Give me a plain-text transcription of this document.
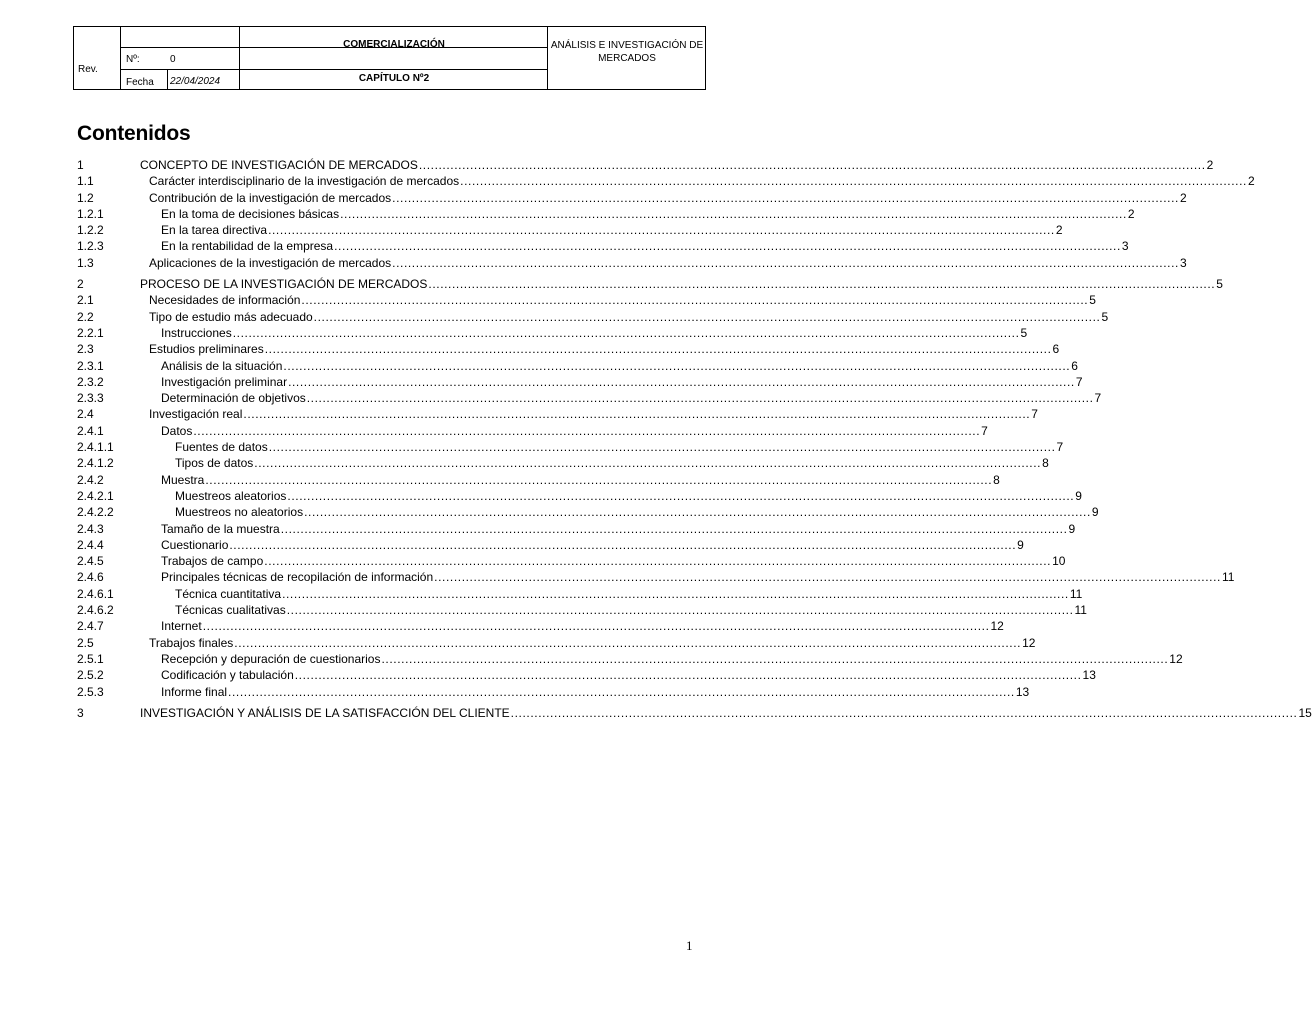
Rev.
Nº:	0
Fecha 22/04/2024
COMERCIALIZACIÓN
CAPÍTULO Nº2
ANÁLISIS E INVESTIGACIÓN DE MERCADOS
Contenidos
1	CONCEPTO DE INVESTIGACIÓN DE MERCADOS ........................................................................................................................................................................................................ 2
1.1	Carácter interdisciplinario de la investigación de mercados ........................................................................................................................................................................................................ 2
1.2	Contribución de la investigación de mercados ........................................................................................................................................................................................................ 2
1.2.1	En la toma de decisiones básicas ........................................................................................................................................................................................................ 2
1.2.2	En la tarea directiva ........................................................................................................................................................................................................ 2
1.2.3	En la rentabilidad de la empresa ........................................................................................................................................................................................................ 3
1.3	Aplicaciones de la investigación de mercados ........................................................................................................................................................................................................ 3
2	PROCESO DE LA INVESTIGACIÓN DE MERCADOS ........................................................................................................................................................................................................ 5
2.1	Necesidades de información ........................................................................................................................................................................................................ 5
2.2	Tipo de estudio más adecuado ........................................................................................................................................................................................................ 5
2.2.1	Instrucciones ........................................................................................................................................................................................................ 5
2.3	Estudios preliminares ........................................................................................................................................................................................................ 6
2.3.1	Análisis de la situación ........................................................................................................................................................................................................ 6
2.3.2	Investigación preliminar ........................................................................................................................................................................................................ 7
2.3.3	Determinación de objetivos ........................................................................................................................................................................................................ 7
2.4	Investigación real ........................................................................................................................................................................................................ 7
2.4.1	Datos ........................................................................................................................................................................................................ 7
2.4.1.1	Fuentes de datos ........................................................................................................................................................................................................ 7
2.4.1.2	Tipos de datos ........................................................................................................................................................................................................ 8
2.4.2	Muestra ........................................................................................................................................................................................................ 8
2.4.2.1	Muestreos aleatorios ........................................................................................................................................................................................................ 9
2.4.2.2	Muestreos no aleatorios ........................................................................................................................................................................................................ 9
2.4.3	Tamaño de la muestra ........................................................................................................................................................................................................ 9
2.4.4	Cuestionario ........................................................................................................................................................................................................ 9
2.4.5	Trabajos de campo ........................................................................................................................................................................................................ 10
2.4.6	Principales técnicas de recopilación de información ........................................................................................................................................................................................................ 11
2.4.6.1	Técnica cuantitativa ........................................................................................................................................................................................................ 11
2.4.6.2	Técnicas cualitativas ........................................................................................................................................................................................................ 11
2.4.7	Internet ........................................................................................................................................................................................................ 12
2.5	Trabajos finales ........................................................................................................................................................................................................ 12
2.5.1	Recepción y depuración de cuestionarios ........................................................................................................................................................................................................ 12
2.5.2	Codificación y tabulación ........................................................................................................................................................................................................ 13
2.5.3	Informe final ........................................................................................................................................................................................................ 13
3	INVESTIGACIÓN Y ANÁLISIS DE LA SATISFACCIÓN DEL CLIENTE ........................................................................................................................................................................................................ 15
1
